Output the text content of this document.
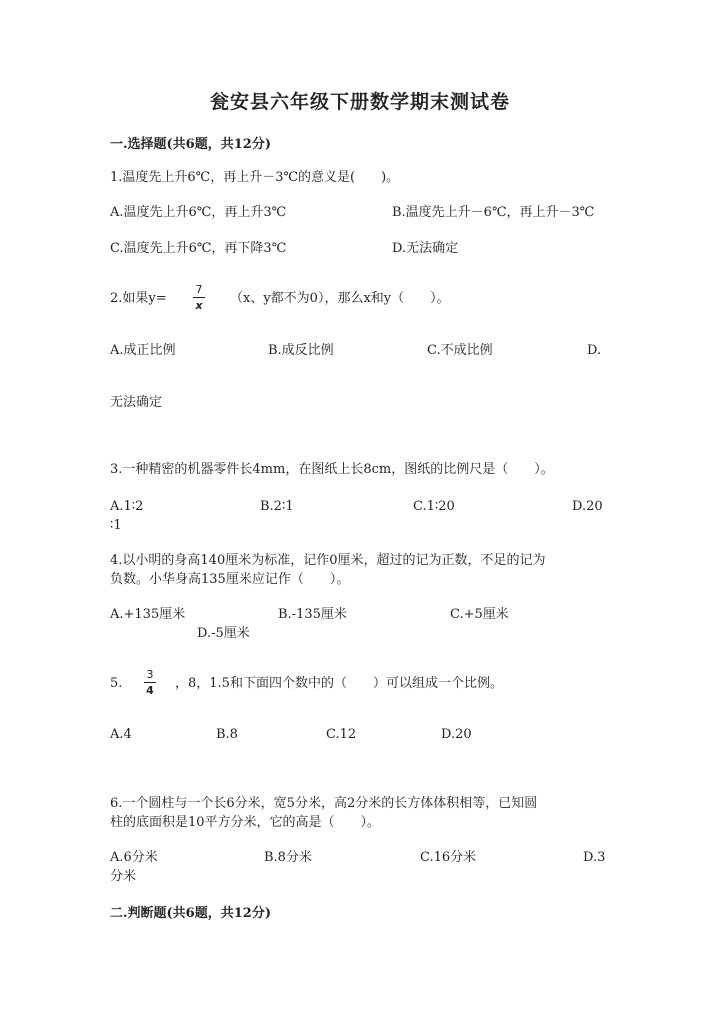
瓮安县六年级下册数学期末测试卷
一.选择题(共6题，共12分)
1.温度先上升6℃，再上升－3℃的意义是(　　)。
A.温度先上升6℃，再上升3℃	B.温度先上升－6℃，再上升－3℃
C.温度先上升6℃，再下降3℃	D.无法确定
2.如果y=
7
x	（x、y都不为0），那么x和y（　　）。
A.成正比例	B.成反比例	C.不成比例	D.
无法确定
3.一种精密的机器零件长4mm，在图纸上长8cm，图纸的比例尺是（　　）。
A.1∶2	B.2∶1	C.1∶20	D.20
∶1
4.以小明的身高140厘米为标准，记作0厘米，超过的记为正数，不足的记为
负数。小华身高135厘米应记作（　　）。
A.+135厘米	B.-135厘米	C.+5厘米
D.-5厘米
5.
3
4	，8，1.5和下面四个数中的（　　）可以组成一个比例。
A.4	B.8	C.12	D.20
6.一个圆柱与一个长6分米，宽5分米，高2分米的长方体体积相等，已知圆
柱的底面积是10平方分米，它的高是（　　）。
A.6分米	B.8分米	C.16分米	D.3
分米
二.判断题(共6题，共12分)
